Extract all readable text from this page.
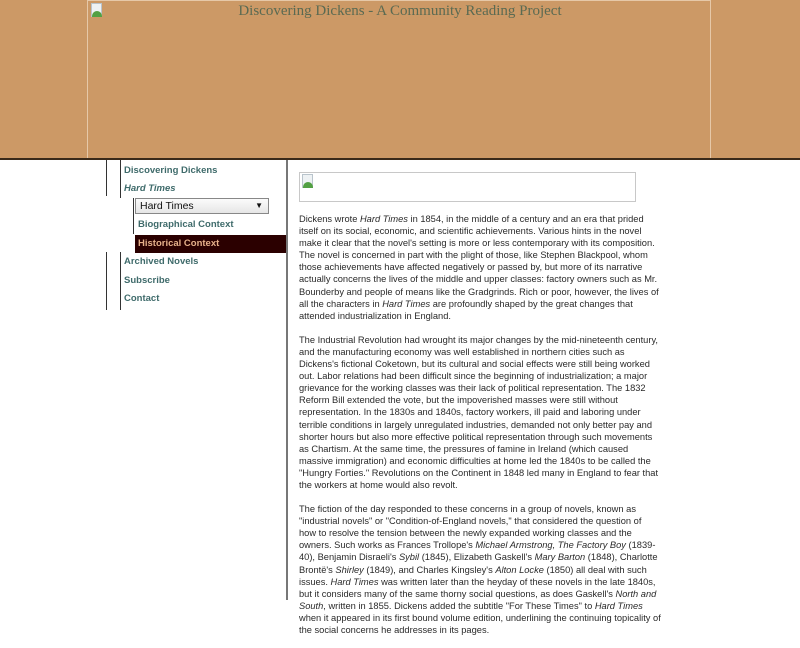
Discovering Dickens - A Community Reading Project
Discovering Dickens
Hard Times
Hard Times	▼
Biographical Context
Historical Context
Archived Novels
Subscribe
Contact

Dickens wrote Hard Times in 1854, in the middle of a century and an era that prided itself on its social, economic, and scientific achievements. Various hints in the novel make it clear that the novel's setting is more or less contemporary with its composition. The novel is concerned in part with the plight of those, like Stephen Blackpool, whom those achievements have affected negatively or passed by, but more of its narrative actually concerns the lives of the middle and upper classes: factory owners such as Mr. Bounderby and people of means like the Gradgrinds. Rich or poor, however, the lives of all the characters in Hard Times are profoundly shaped by the great changes that attended industrialization in England.

The Industrial Revolution had wrought its major changes by the mid-nineteenth century, and the manufacturing economy was well established in northern cities such as Dickens's fictional Coketown, but its cultural and social effects were still being worked out. Labor relations had been difficult since the beginning of industrialization; a major grievance for the working classes was their lack of political representation. The 1832 Reform Bill extended the vote, but the impoverished masses were still without representation. In the 1830s and 1840s, factory workers, ill paid and laboring under terrible conditions in largely unregulated industries, demanded not only better pay and shorter hours but also more effective political representation through such movements as Chartism. At the same time, the pressures of famine in Ireland (which caused massive immigration) and economic difficulties at home led the 1840s to be called the "Hungry Forties." Revolutions on the Continent in 1848 led many in England to fear that the workers at home would also revolt.

The fiction of the day responded to these concerns in a group of novels, known as "industrial novels" or "Condition-of-England novels," that considered the question of how to resolve the tension between the newly expanded working classes and the owners. Such works as Frances Trollope's Michael Armstrong, The Factory Boy (1839-40), Benjamin Disraeli's Sybil (1845), Elizabeth Gaskell's Mary Barton (1848), Charlotte Brontë's Shirley (1849), and Charles Kingsley's Alton Locke (1850) all deal with such issues. Hard Times was written later than the heyday of these novels in the late 1840s, but it considers many of the same thorny social questions, as does Gaskell's North and South, written in 1855. Dickens added the subtitle "For These Times" to Hard Times when it appeared in its first bound volume edition, underlining the continuing topicality of the social concerns he addresses in its pages.
